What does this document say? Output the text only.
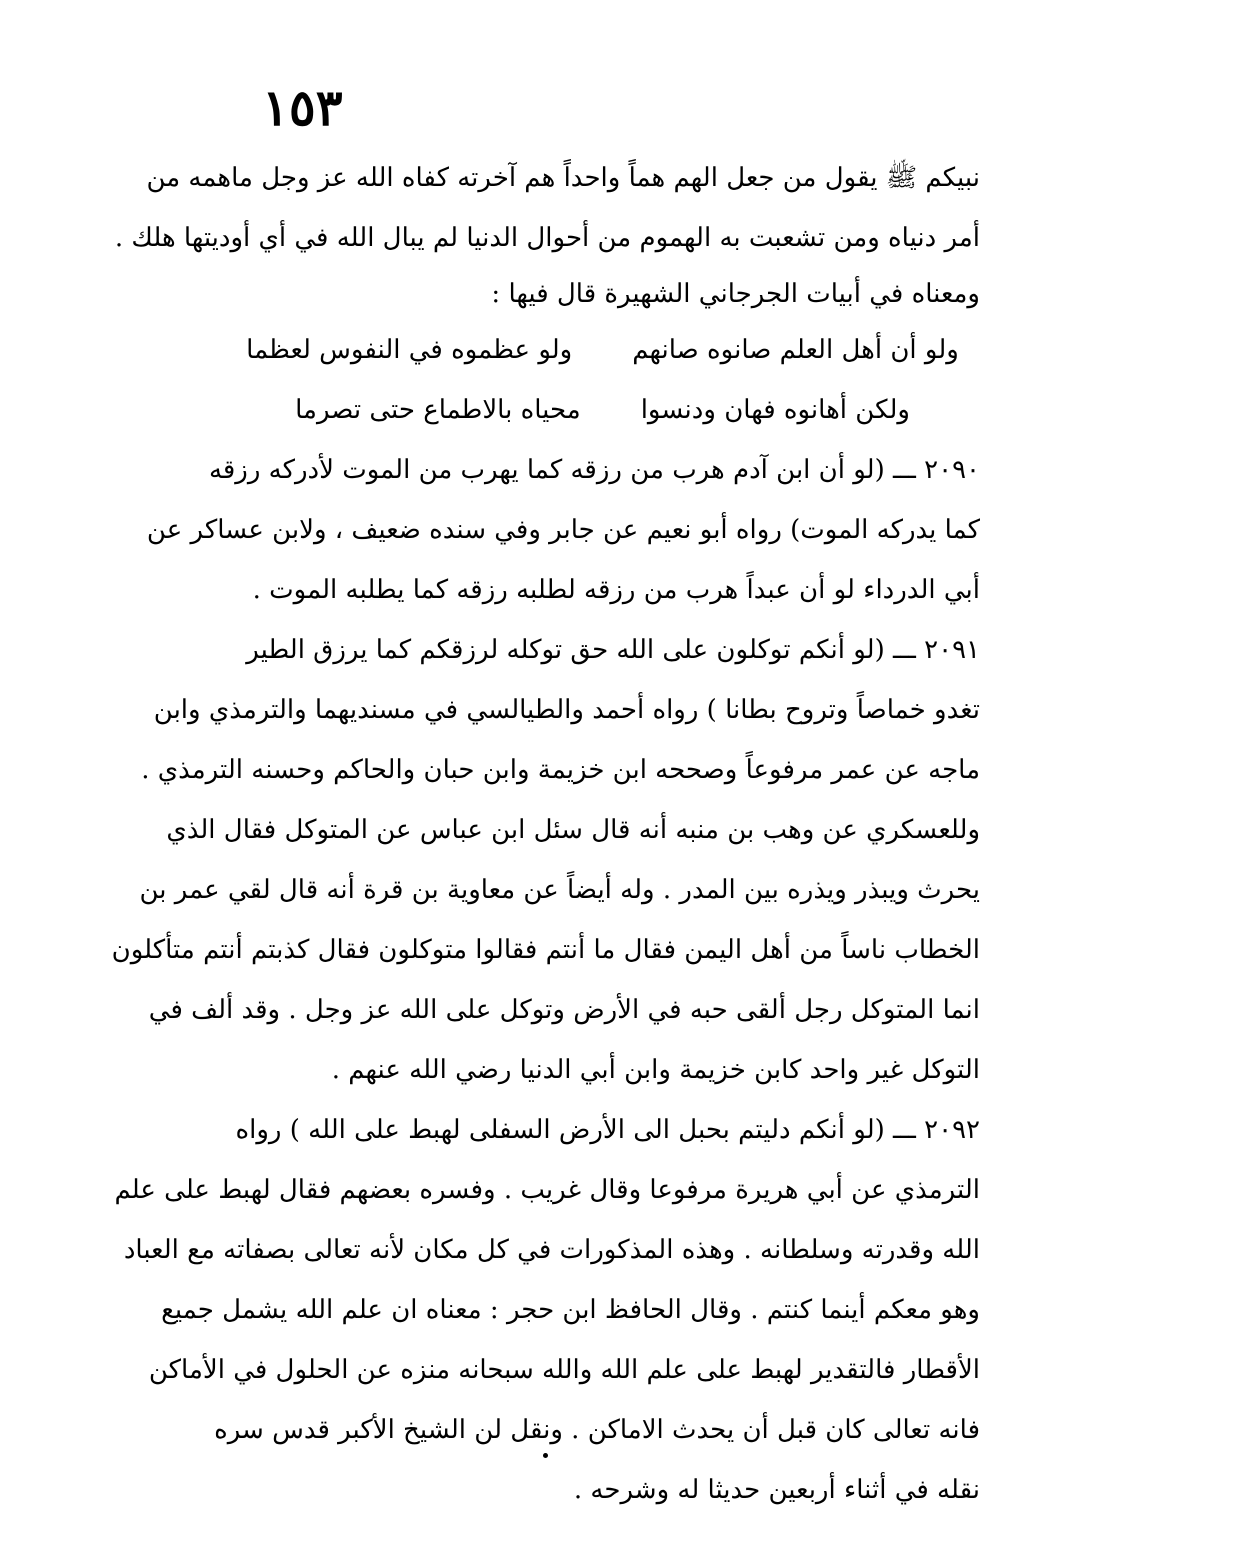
١٥٣
نبيكم ﷺ يقول من جعل الهم هماً واحداً هم آخرته كفاه الله عز وجل ماهمه من
أمر دنياه ومن تشعبت به الهموم من أحوال الدنيا لم يبال الله في أي أوديتها هلك .
ومعناه في أبيات الجرجاني الشهيرة قال فيها :
ولو أن أهل العلم صانوه صانهم
ولو عظموه في النفوس لعظما
ولكن أهانوه فهان ودنسوا
محياه بالاطماع حتى تصرما
٢٠٩٠ ـــ (لو أن ابن آدم هرب من رزقه كما يهرب من الموت لأدركه رزقه
كما يدركه الموت) رواه أبو نعيم عن جابر وفي سنده ضعيف ، ولابن عساكر عن
أبي الدرداء لو أن عبداً هرب من رزقه لطلبه رزقه كما يطلبه الموت .
٢٠٩١ ـــ (لو أنكم توكلون على الله حق توكله لرزقكم كما يرزق الطير
تغدو خماصاً وتروح بطانا ) رواه أحمد والطيالسي في مسنديهما والترمذي وابن
ماجه عن عمر مرفوعاً وصححه ابن خزيمة وابن حبان والحاكم وحسنه الترمذي .
وللعسكري عن وهب بن منبه أنه قال سئل ابن عباس عن المتوكل فقال الذي
يحرث ويبذر ويذره بين المدر . وله أيضاً عن معاوية بن قرة أنه قال لقي عمر بن
الخطاب ناساً من أهل اليمن فقال ما أنتم فقالوا متوكلون فقال كذبتم أنتم متأكلون
انما المتوكل رجل ألقى حبه في الأرض وتوكل على الله عز وجل . وقد ألف في
التوكل غير واحد كابن خزيمة وابن أبي الدنيا رضي الله عنهم .
٢٠٩٢ ـــ (لو أنكم دليتم بحبل الى الأرض السفلى لهبط على الله ) رواه
الترمذي عن أبي هريرة مرفوعا وقال غريب . وفسره بعضهم فقال لهبط على علم
الله وقدرته وسلطانه . وهذه المذكورات في كل مكان لأنه تعالى بصفاته مع العباد
وهو معكم أينما كنتم . وقال الحافظ ابن حجر : معناه ان علم الله يشمل جميع
الأقطار فالتقدير لهبط على علم الله والله سبحانه منزه عن الحلول في الأماكن
فانه تعالى كان قبل أن يحدث الاماكن . ونقل لن الشيخ الأكبر قدس سره
نقله في أثناء أربعين حديثا له وشرحه .
